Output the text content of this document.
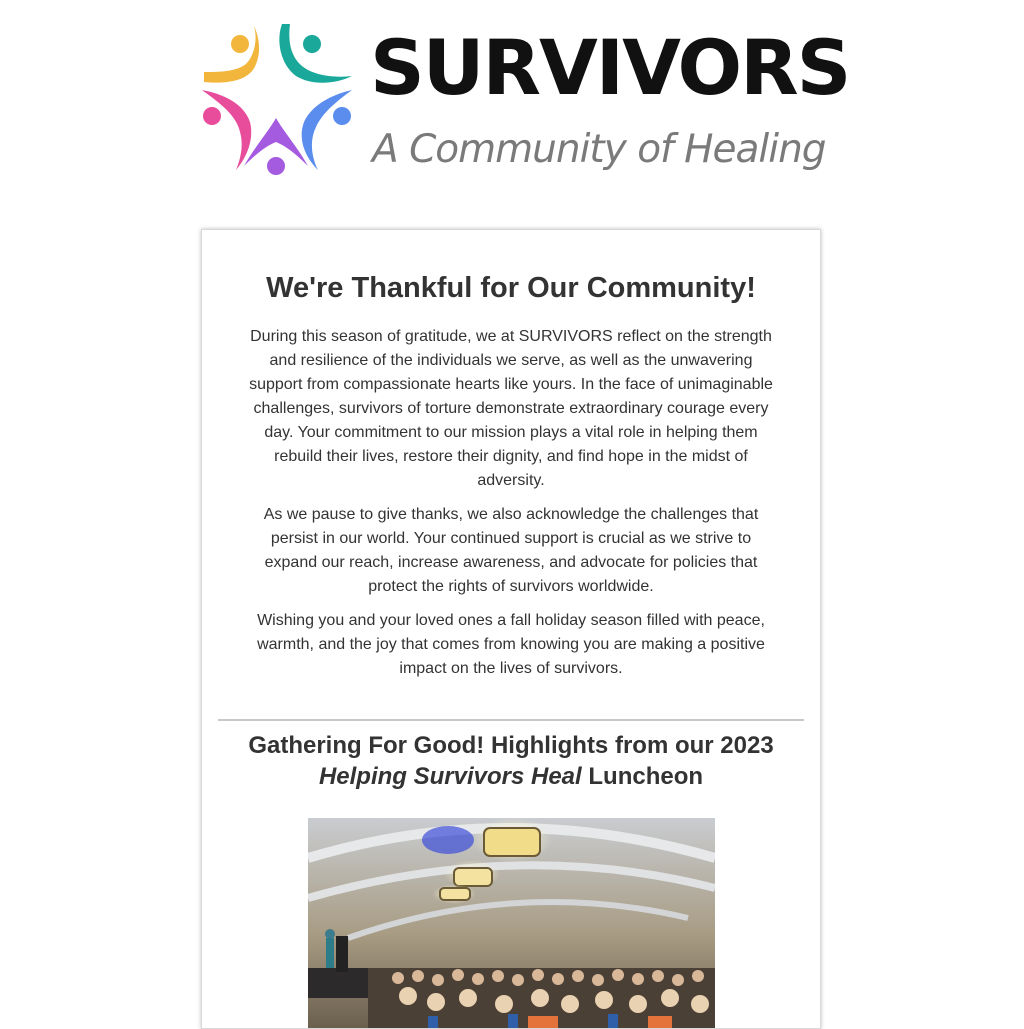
SURVIVORS
A Community of Healing
We're Thankful for Our Community!

During this season of gratitude, we at SURVIVORS reflect on the strength and resilience of the individuals we serve, as well as the unwavering support from compassionate hearts like yours. In the face of unimaginable challenges, survivors of torture demonstrate extraordinary courage every day. Your commitment to our mission plays a vital role in helping them rebuild their lives, restore their dignity, and find hope in the midst of adversity.

As we pause to give thanks, we also acknowledge the challenges that persist in our world. Your continued support is crucial as we strive to expand our reach, increase awareness, and advocate for policies that protect the rights of survivors worldwide.

Wishing you and your loved ones a fall holiday season filled with peace, warmth, and the joy that comes from knowing you are making a positive impact on the lives of survivors.

Gathering For Good! Highlights from our 2023
Helping Survivors Heal Luncheon
